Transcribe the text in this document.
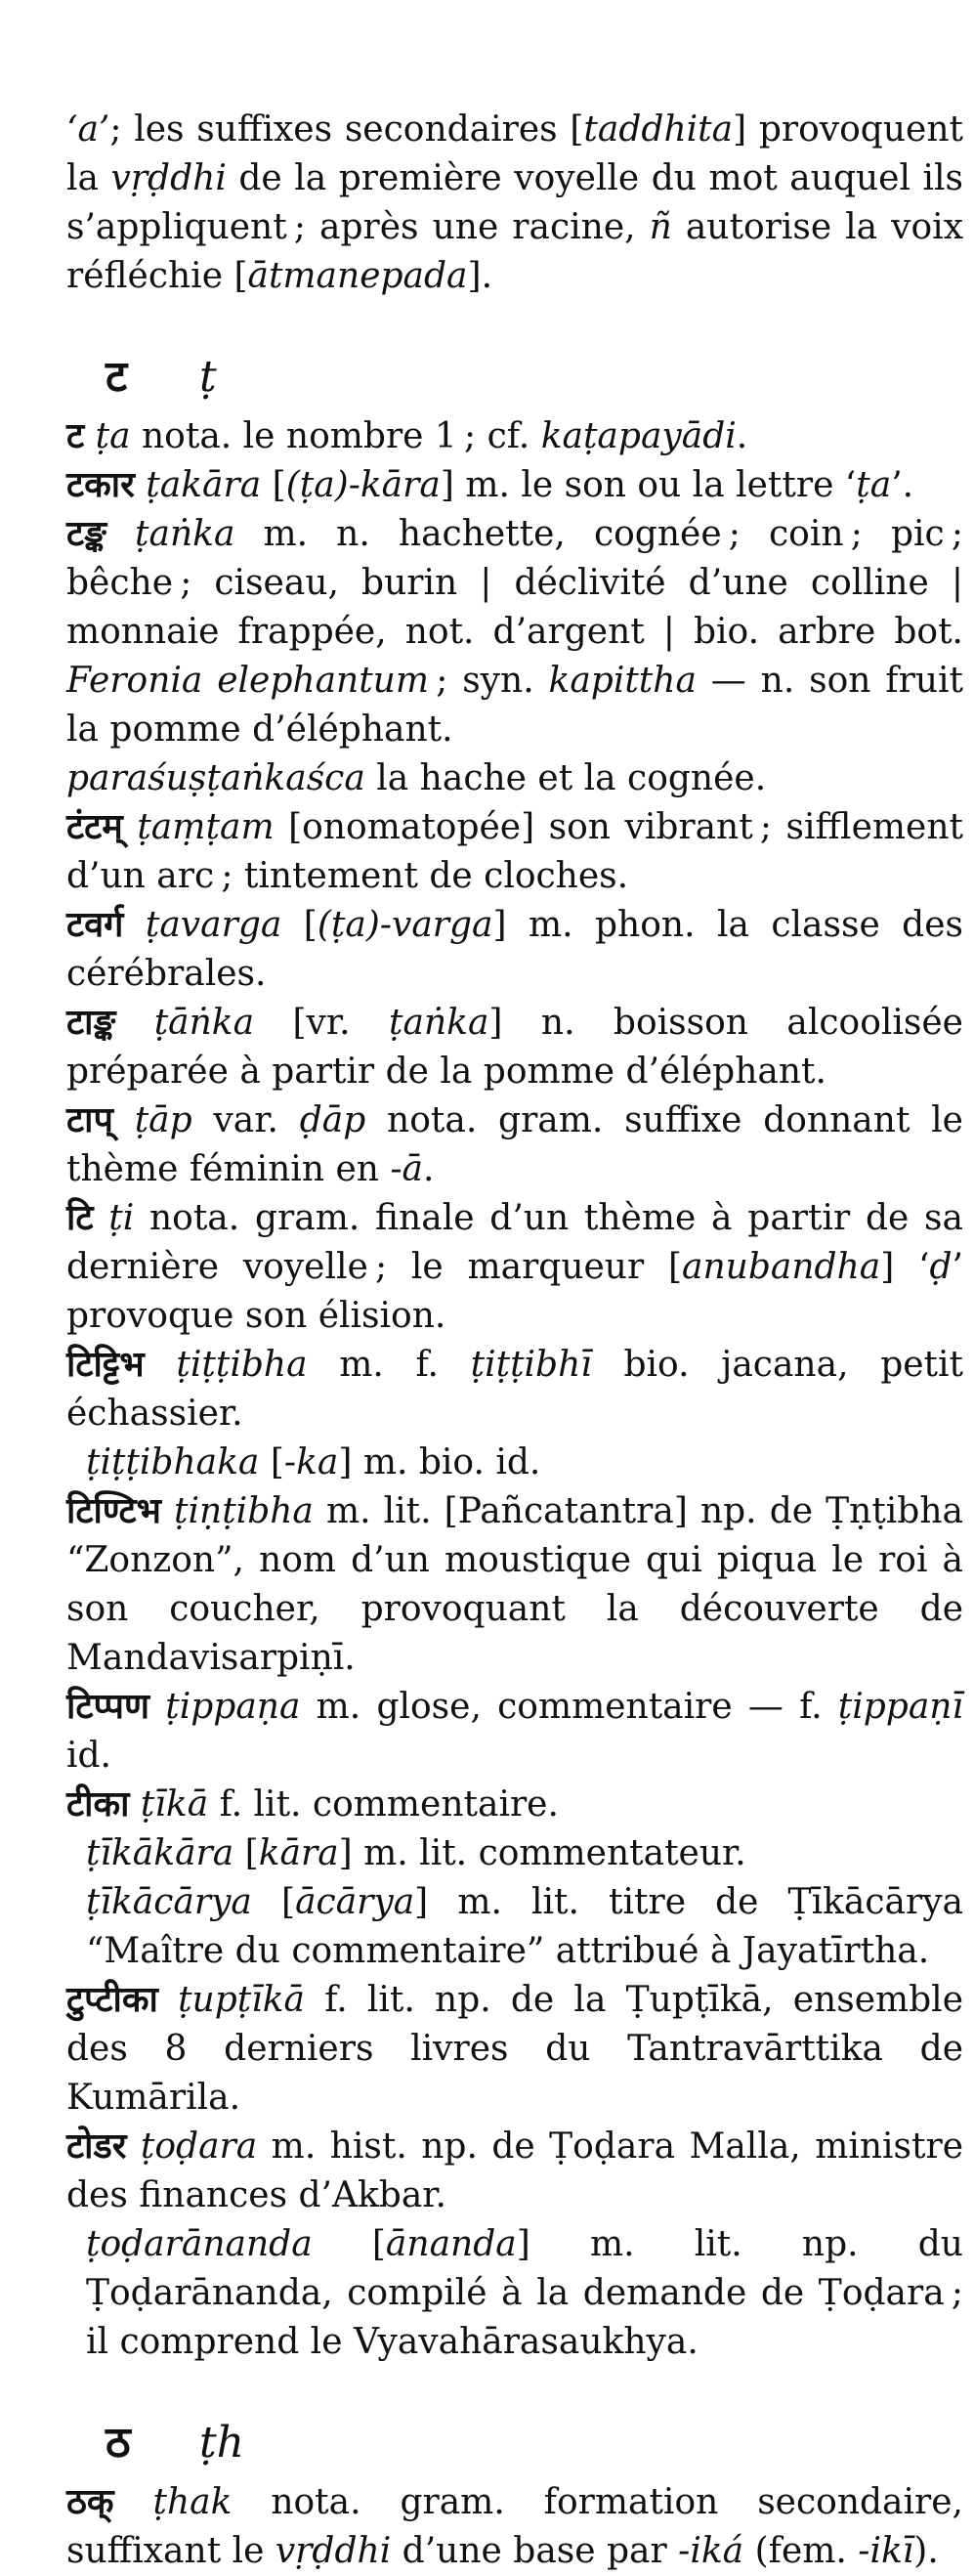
‘a’; les suffixes secondaires [taddhita] provoquent la vṛḍdhi de la première voyelle du mot auquel ils s’appliquent ; après une racine, ñ autorise la voix réfléchie [ātmanepada].

ट	ṭ

ट ṭa nota. le nombre 1 ; cf. kaṭapayādi.

टकार ṭakāra [(ṭa)-kāra] m. le son ou la lettre ‘ṭa’.

टङ्क ṭaṅka m. n. hachette, cognée ; coin ; pic ; bêche ; ciseau, burin | déclivité d’une colline | monnaie frappée, not. d’argent | bio. arbre bot. Feronia elephantum ; syn. kapittha — n. son fruit la pomme d’éléphant.

paraśuṣṭaṅkaśca la hache et la cognée.

टंटम् ṭaṃṭam [onomatopée] son vibrant ; sifflement d’un arc ; tintement de cloches.

टवर्ग ṭavarga [(ṭa)-varga] m. phon. la classe des cérébrales.

टाङ्क ṭāṅka [vr. ṭaṅka] n. boisson alcoolisée préparée à partir de la pomme d’éléphant.

टाप् ṭāp var. ḍāp nota. gram. suffixe donnant le thème féminin en -ā.

टि ṭi nota. gram. finale d’un thème à partir de sa dernière voyelle ; le marqueur [anubandha] ‘ḍ’ provoque son élision.

टिट्टिभ ṭiṭṭibha m. f. ṭiṭṭibhī bio. jacana, petit échassier.

ṭiṭṭibhaka [-ka] m. bio. id.

टिण्टिभ ṭiṇṭibha m. lit. [Pañcatantra] np. de Ṭṇṭibha “Zonzon”, nom d’un moustique qui piqua le roi à son coucher, provoquant la découverte de Mandavisarpiṇī.

टिप्पण ṭippaṇa m. glose, commentaire — f. ṭippaṇī id.

टीका ṭīkā f. lit. commentaire.

ṭīkākāra [kāra] m. lit. commentateur.

ṭīkācārya [ācārya] m. lit. titre de Ṭīkācārya “Maître du commentaire” attribué à Jayatīrtha.

टुप्टीका ṭupṭīkā f. lit. np. de la Ṭupṭīkā, ensemble des 8 derniers livres du Tantravārttika de Kumārila.

टोडर ṭoḍara m. hist. np. de Ṭoḍara Malla, ministre des finances d’Akbar.

ṭoḍarānanda [ānanda] m. lit. np. du Ṭoḍarānanda, compilé à la demande de Ṭoḍara ; il comprend le Vyavahārasaukhya.

ठ	ṭh

ठक् ṭhak nota. gram. formation secondaire, suffixant le vṛḍdhi d’une base par -iká (fem. -ikī).
